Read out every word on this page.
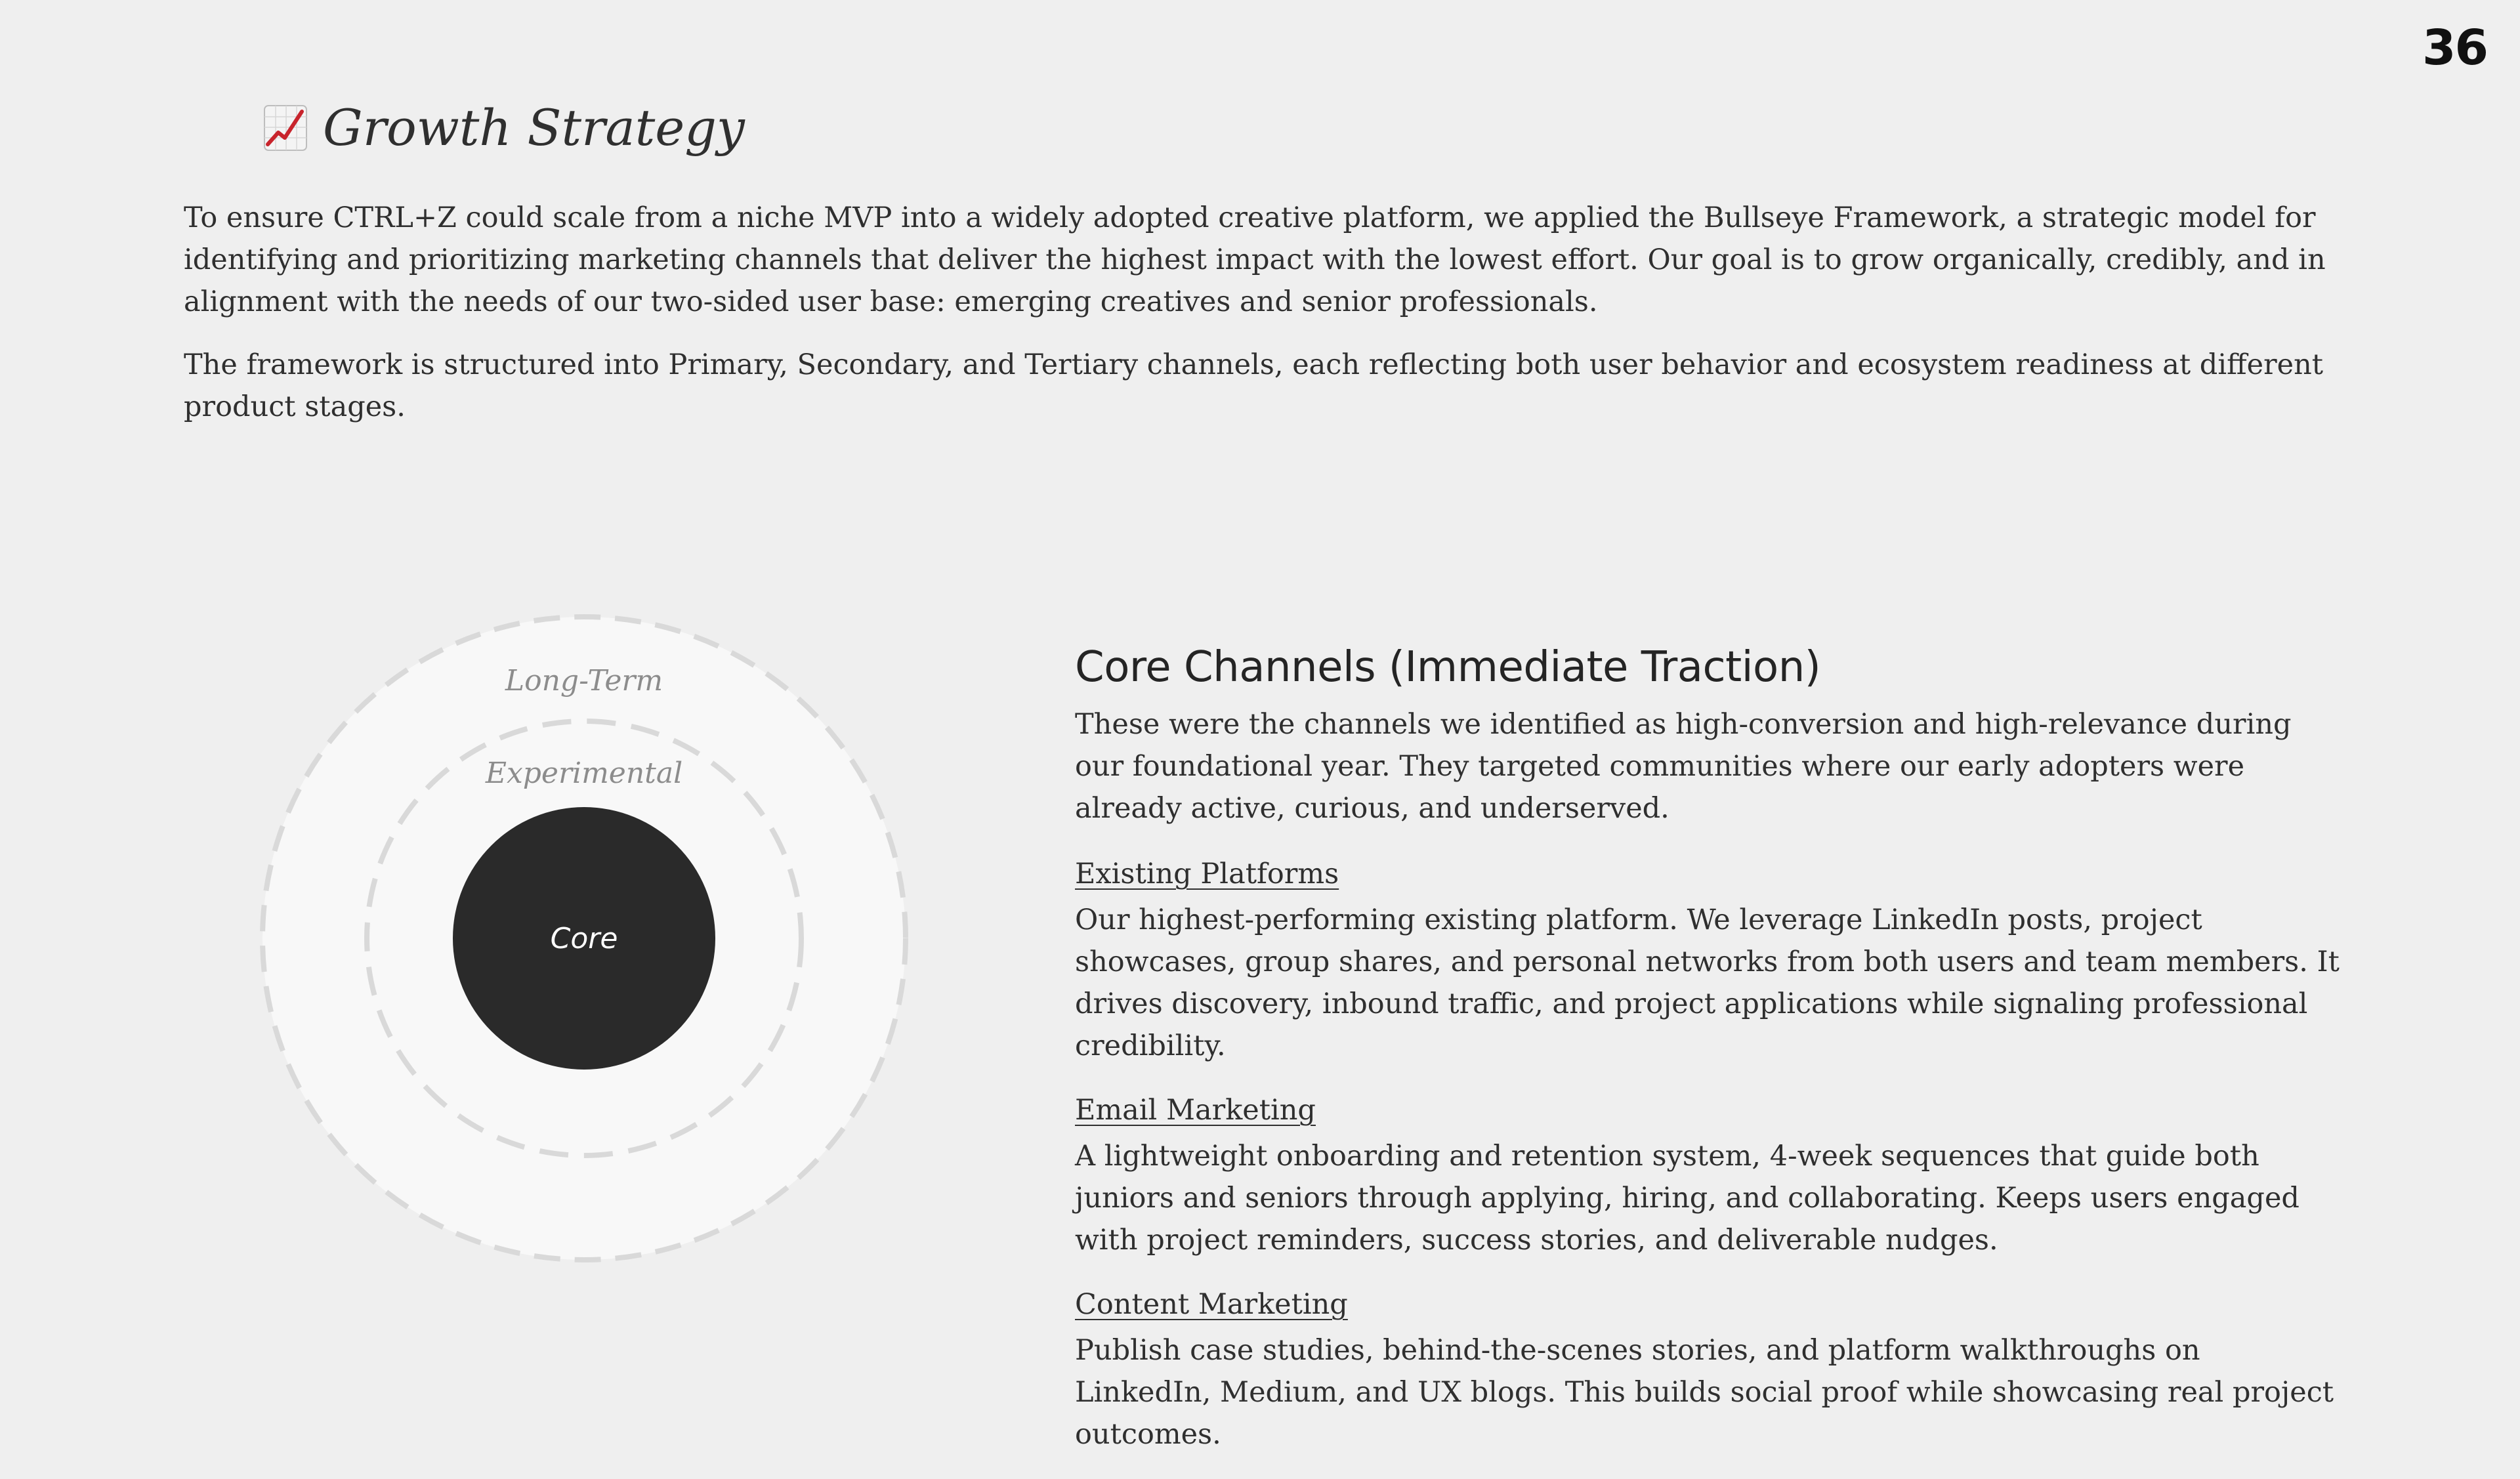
36
Growth Strategy

To ensure CTRL+Z could scale from a niche MVP into a widely adopted creative platform, we applied the Bullseye Framework, a strategic model for identifying and prioritizing marketing channels that deliver the highest impact with the lowest effort. Our goal is to grow organically, credibly, and in alignment with the needs of our two-sided user base: emerging creatives and senior professionals.

The framework is structured into Primary, Secondary, and Tertiary channels, each reflecting both user behavior and ecosystem readiness at different product stages.

Long-Term
Experimental
Core
Core Channels (Immediate Traction)

These were the channels we identified as high-conversion and high-relevance during our foundational year. They targeted communities where our early adopters were already active, curious, and underserved.

Existing Platforms

Our highest-performing existing platform. We leverage LinkedIn posts, project showcases, group shares, and personal networks from both users and team members. It drives discovery, inbound traffic, and project applications while signaling professional credibility.

Email Marketing

A lightweight onboarding and retention system, 4-week sequences that guide both juniors and seniors through applying, hiring, and collaborating. Keeps users engaged with project reminders, success stories, and deliverable nudges.

Content Marketing

Publish case studies, behind-the-scenes stories, and platform walkthroughs on LinkedIn, Medium, and UX blogs. This builds social proof while showcasing real project outcomes.
